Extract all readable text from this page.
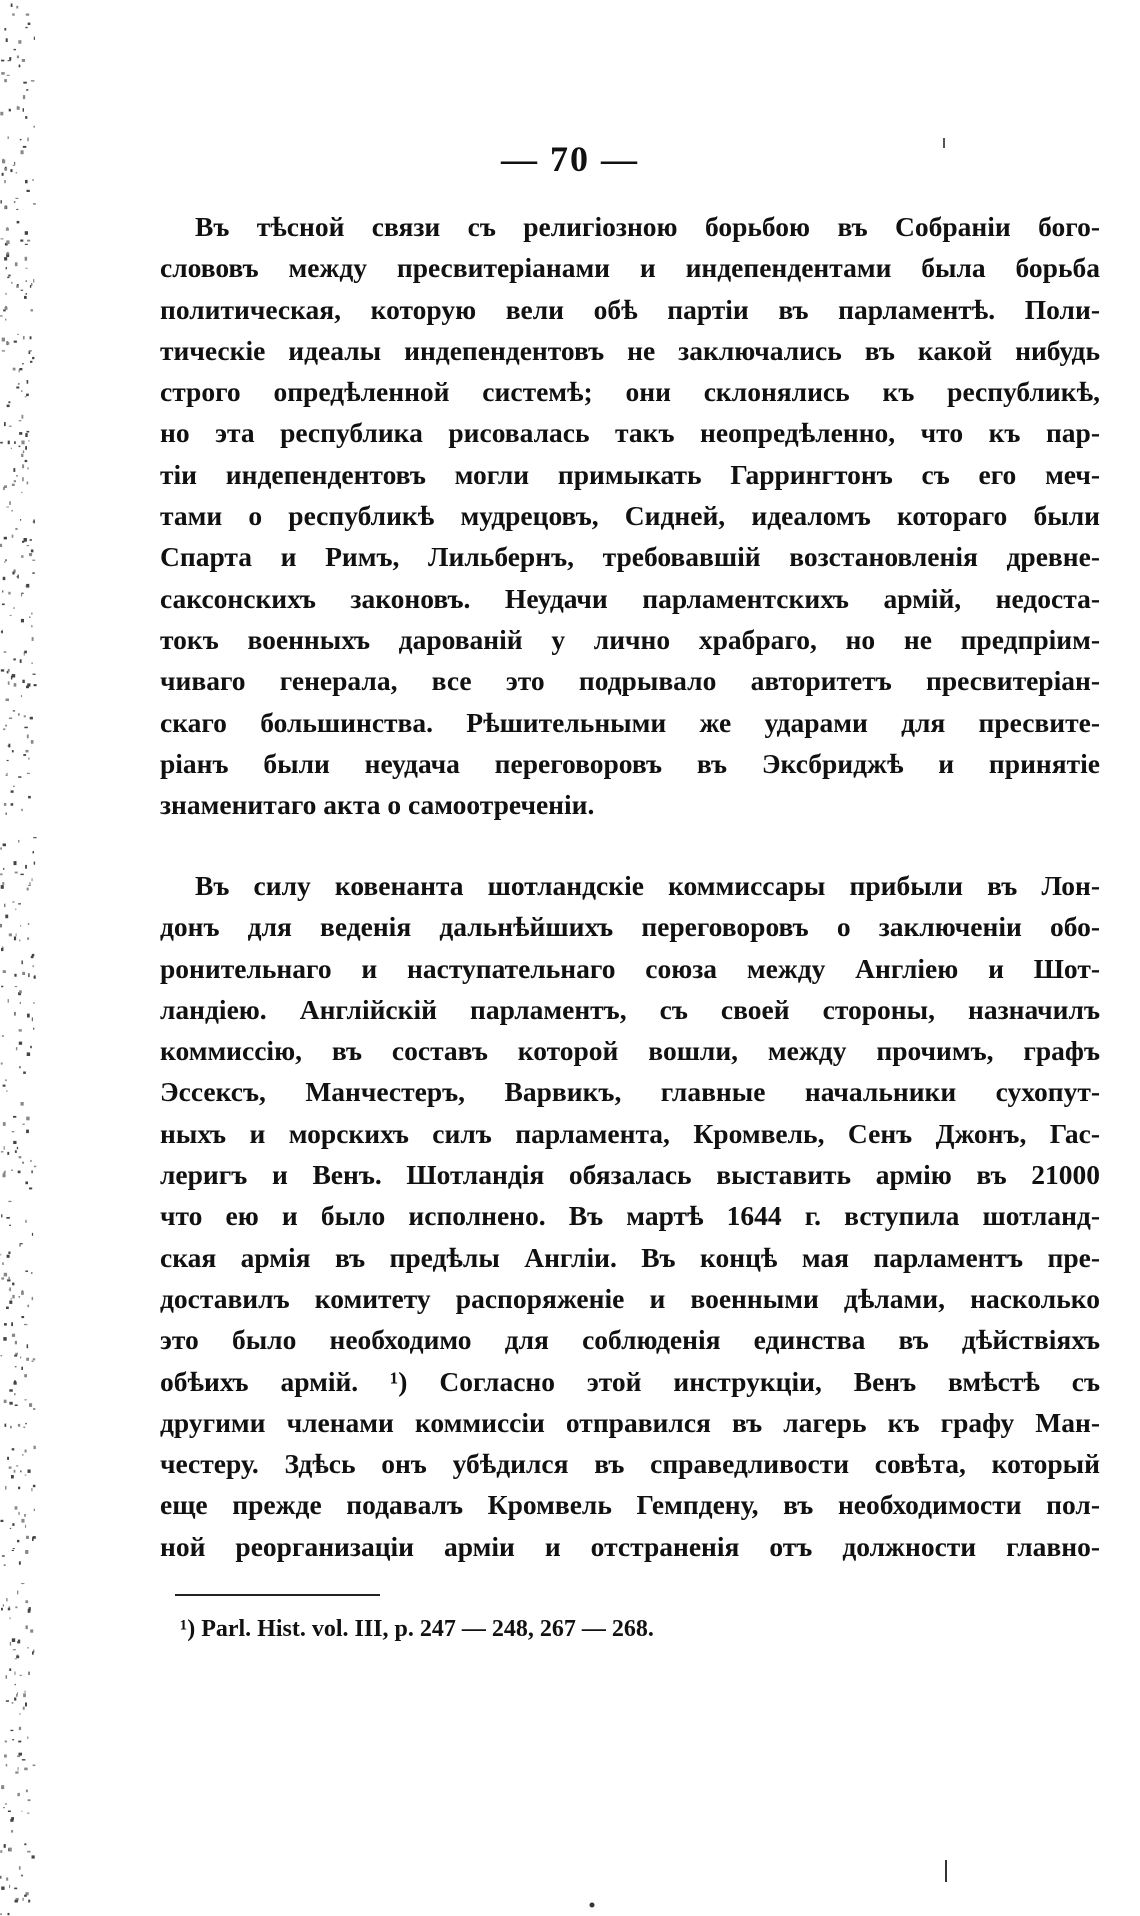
— 70 —
Въ тѣсной связи съ религіозною борьбою въ Собраніи бого-
слововъ между пресвитеріанами и индепендентами была борьба
политическая, которую вели обѣ партіи въ парламентѣ. Поли-
тическіе идеалы индепендентовъ не заключались въ какой нибудь
строго опредѣленной системѣ; они склонялись къ республикѣ,
но эта республика рисовалась такъ неопредѣленно, что къ пар-
тіи индепендентовъ могли примыкать Гаррингтонъ съ его меч-
тами о республикѣ мудрецовъ, Сидней, идеаломъ котораго были
Спарта и Римъ, Лильбернъ, требовавшій возстановленія древне-
саксонскихъ законовъ. Неудачи парламентскихъ армій, недоста-
токъ военныхъ дарованій у лично храбраго, но не предпріим-
чиваго генерала, все это подрывало авторитетъ пресвитеріан-
скаго большинства. Рѣшительными же ударами для пресвите-
ріанъ были неудача переговоровъ въ Эксбриджѣ и принятіе
знаменитаго акта о самоотреченіи.
Въ силу ковенанта шотландскіе коммиссары прибыли въ Лон-
донъ для веденія дальнѣйшихъ переговоровъ о заключеніи обо-
ронительнаго и наступательнаго союза между Англіею и Шот-
ландіею. Англійскій парламентъ, съ своей стороны, назначилъ
коммиссію, въ составъ которой вошли, между прочимъ, графъ
Эссексъ, Манчестеръ, Варвикъ, главные начальники сухопут-
ныхъ и морскихъ силъ парламента, Кромвель, Сенъ Джонъ, Гас-
леригъ и Венъ. Шотландія обязалась выставить армію въ 21000
что ею и было исполнено. Въ мартѣ 1644 г. вступила шотланд-
ская армія въ предѣлы Англіи. Въ концѣ мая парламентъ пре-
доставилъ комитету распоряженіе и военными дѣлами, насколько
это было необходимо для соблюденія единства въ дѣйствіяхъ
обѣихъ армій. ¹) Согласно этой инструкціи, Венъ вмѣстѣ съ
другими членами коммиссіи отправился въ лагерь къ графу Ман-
честеру. Здѣсь онъ убѣдился въ справедливости совѣта, который
еще прежде подавалъ Кромвель Гемпдену, въ необходимости пол-
ной реорганизаціи арміи и отстраненія отъ должности главно-
¹) Parl. Hist. vol. III, p. 247 — 248, 267 — 268.
